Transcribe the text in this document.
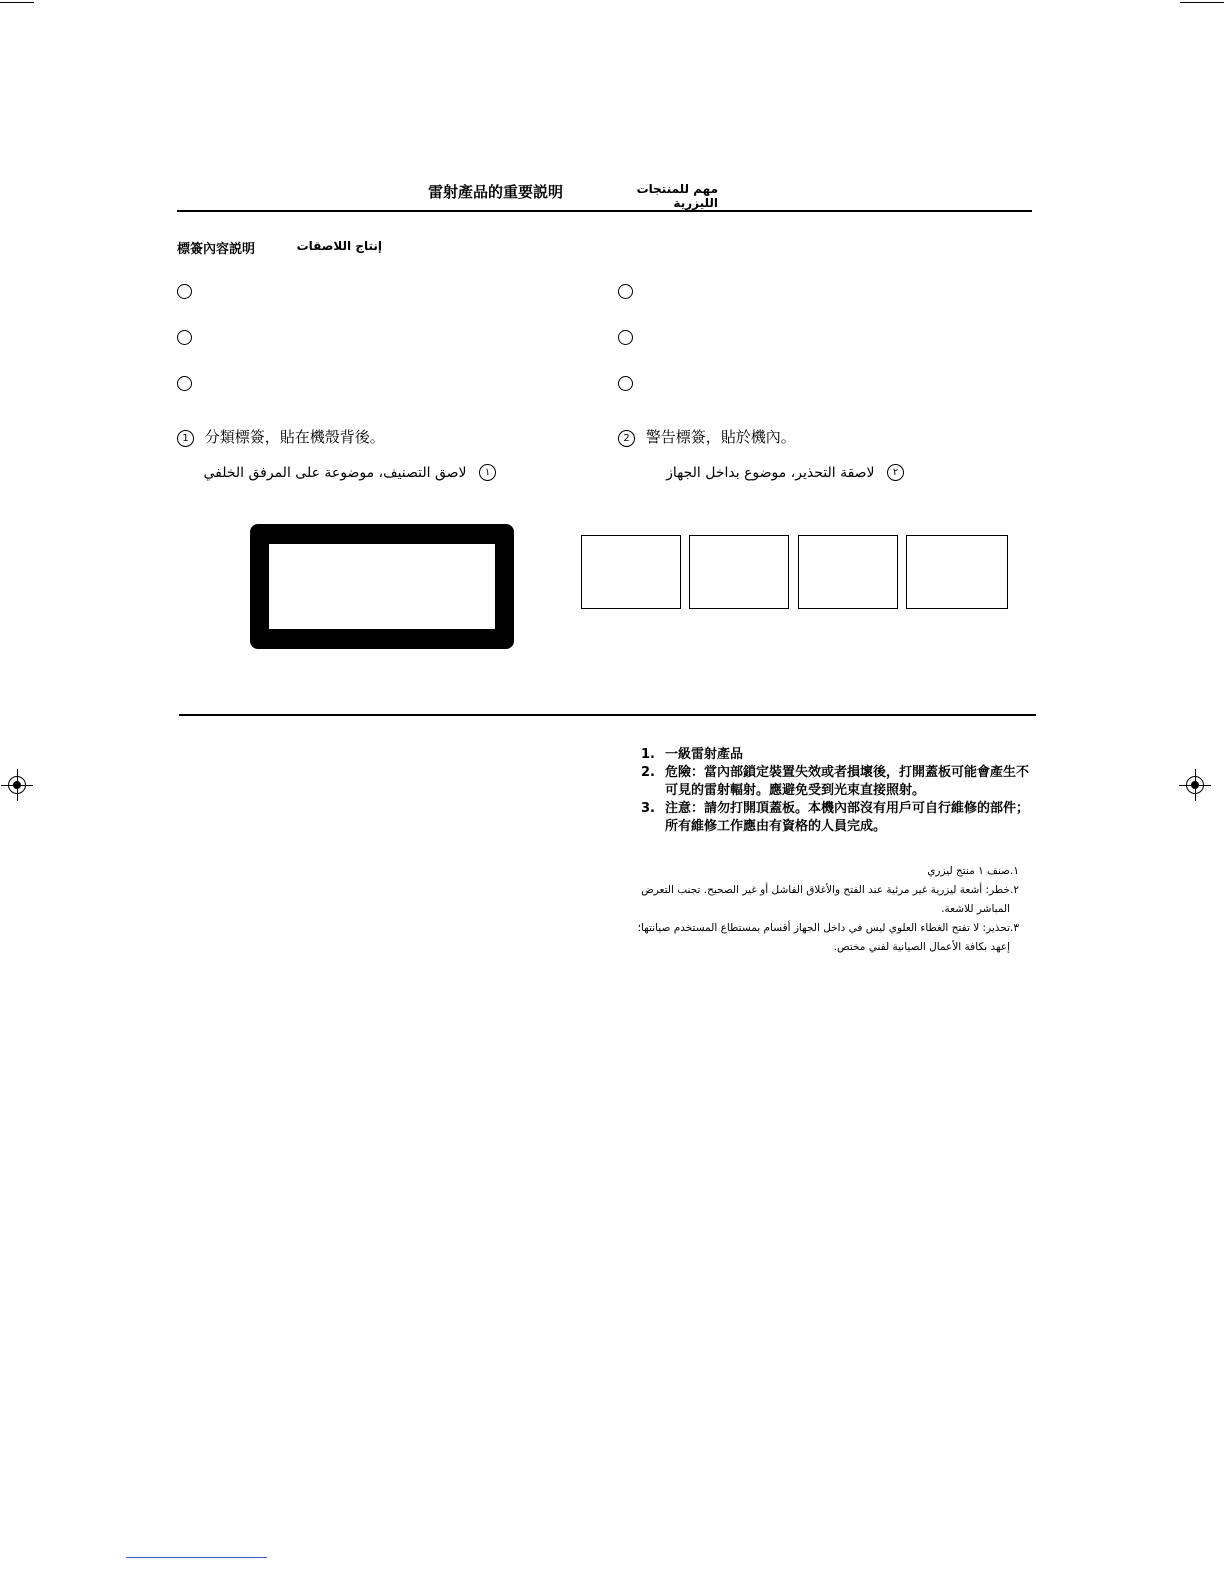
雷射產品的重要説明	مهم للمنتجات الليزرية
標簽內容説明	إنتاج اللاصقات
1 分類標簽，貼在機殼背後。
١ لاصق التصنيف، موضوعة على المرفق الخلفي
2 警告標簽，貼於機內。
٢ لاصقة التحذير، موضوع بداخل الجهاز
1. 一級雷射產品
2. 危險：當內部鎖定裝置失效或者損壞後，打開蓋板可能會產生不可見的雷射輻射。應避免受到光束直接照射。
3. 注意：請勿打開頂蓋板。本機內部沒有用戶可自行維修的部件；所有維修工作應由有資格的人員完成。
١.
صنف ١ منتج ليزري
٢.
خطر: أشعة ليزرية غير مرئية عند الفتح والأغلاق الفاشل أو غير الصحيح. تجنب التعرض المباشر للاشعة.
٣.
تحذير: لا تفتح الغطاء العلوي ليس في داخل الجهاز أقسام بمستطاع المستخدم صيانتها؛ إعهد بكافة الأعمال الصيانية لفني مختص.
